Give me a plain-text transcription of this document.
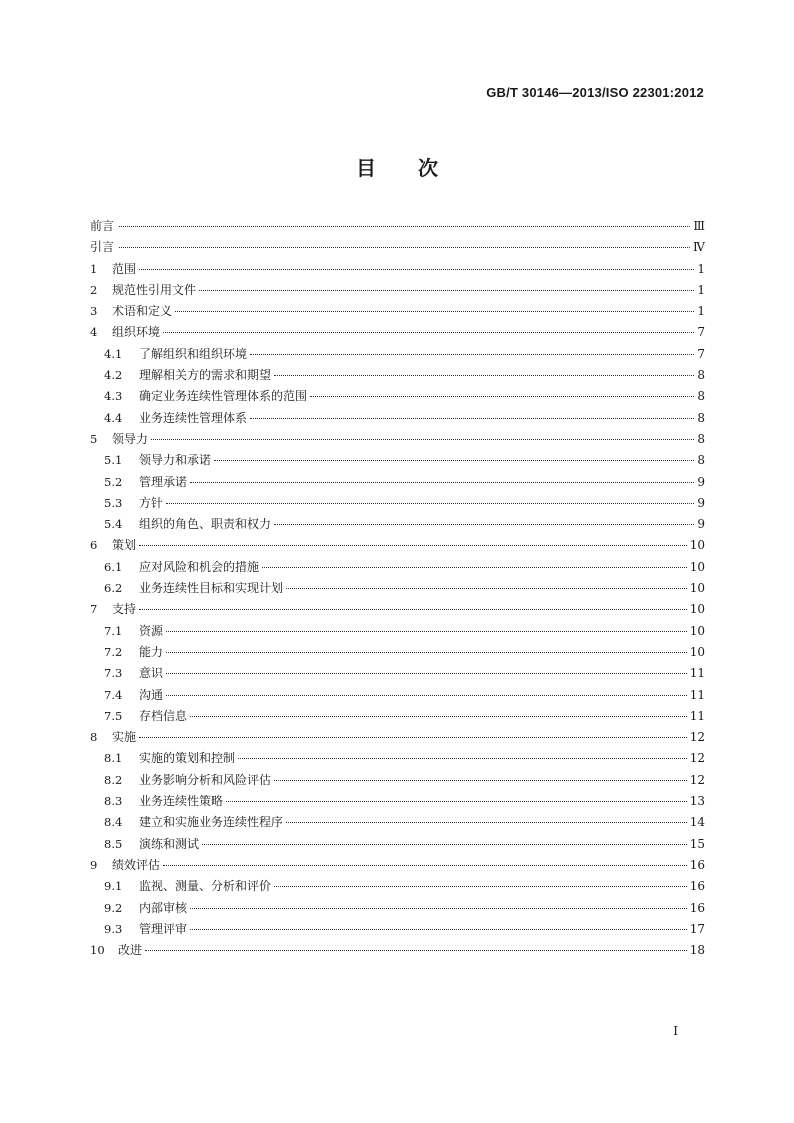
GB/T 30146—2013/ISO 22301:2012
目 次
前言	Ⅲ
引言	Ⅳ
1	范围	1
2	规范性引用文件	1
3	术语和定义	1
4	组织环境	7
4.1	了解组织和组织环境	7
4.2	理解相关方的需求和期望	8
4.3	确定业务连续性管理体系的范围	8
4.4	业务连续性管理体系	8
5	领导力	8
5.1	领导力和承诺	8
5.2	管理承诺	9
5.3	方针	9
5.4	组织的角色、职责和权力	9
6	策划	10
6.1	应对风险和机会的措施	10
6.2	业务连续性目标和实现计划	10
7	支持	10
7.1	资源	10
7.2	能力	10
7.3	意识	11
7.4	沟通	11
7.5	存档信息	11
8	实施	12
8.1	实施的策划和控制	12
8.2	业务影响分析和风险评估	12
8.3	业务连续性策略	13
8.4	建立和实施业务连续性程序	14
8.5	演练和测试	15
9	绩效评估	16
9.1	监视、测量、分析和评价	16
9.2	内部审核	16
9.3	管理评审	17
10	改进	18
I
